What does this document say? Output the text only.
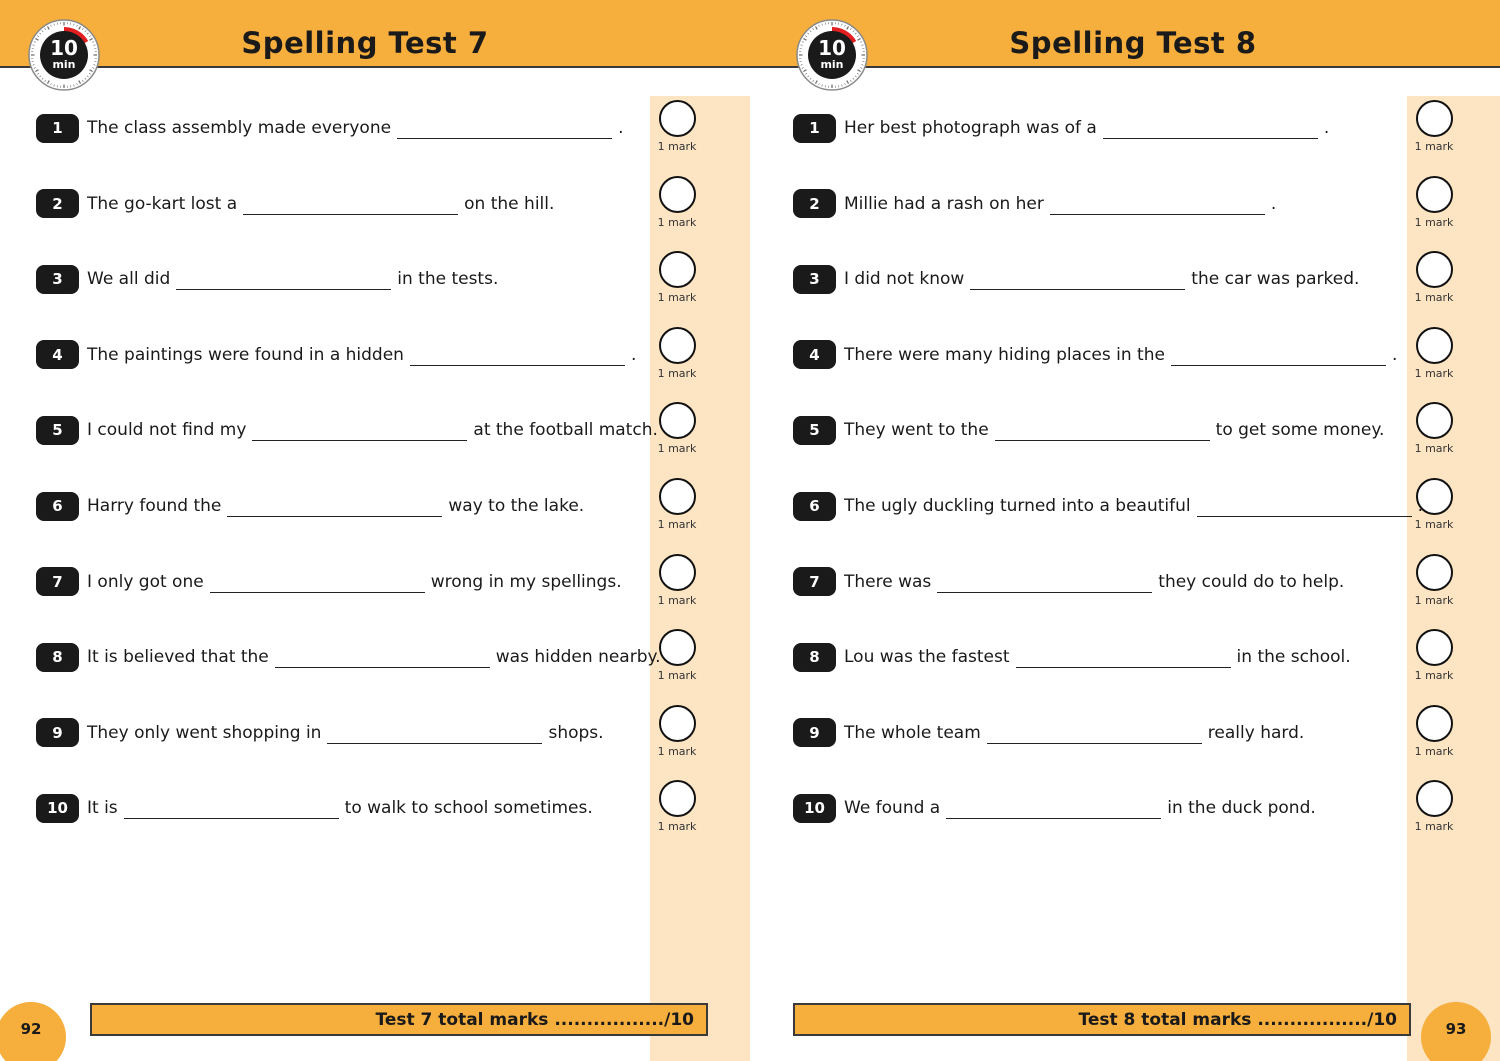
Spelling Test 7
10
min
1	The class assembly made everyone	.
2	The go-kart lost a	on the hill.
3	We all did	in the tests.
4	The paintings were found in a hidden	.
5	I could not find my	at the football match.
6	Harry found the	way to the lake.
7	I only got one	wrong in my spellings.
8	It is believed that the	was hidden nearby.
9	They only went shopping in	shops.
10	It is	to walk to school sometimes.
1 mark
1 mark
1 mark
1 mark
1 mark
1 mark
1 mark
1 mark
1 mark
1 mark
Test 7 total marks ................./10
92
Spelling Test 8
10
min
1	Her best photograph was of a	.
2	Millie had a rash on her	.
3	I did not know	the car was parked.
4	There were many hiding places in the	.
5	They went to the	to get some money.
6	The ugly duckling turned into a beautiful
7	There was	they could do to help.
8	Lou was the fastest	in the school.
9	The whole team	really hard.
10	We found a	in the duck pond.
1 mark
1 mark
1 mark
1 mark
1 mark
1 mark
1 mark
1 mark
1 mark
1 mark
Test 8 total marks ................./10	93
